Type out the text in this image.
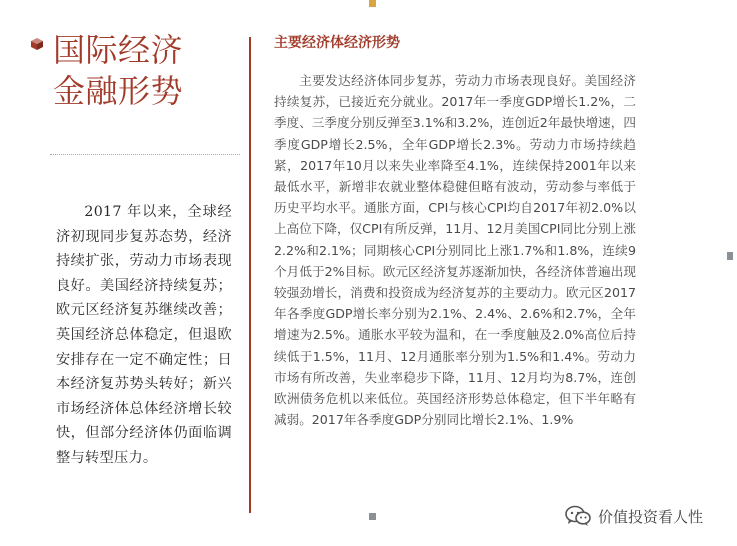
国际经济
金融形势

2017 年以来，全球经济初现同步复苏态势，经济持续扩张，劳动力市场表现良好。美国经济持续复苏；欧元区经济复苏继续改善；英国经济总体稳定，但退欧安排存在一定不确定性；日本经济复苏势头转好；新兴市场经济体总体经济增长较快，但部分经济体仍面临调整与转型压力。

主要经济体经济形势

主要发达经济体同步复苏，劳动力市场表现良好。美国经济持续复苏，已接近充分就业。2017年一季度GDP增长1.2%，二季度、三季度分别反弹至3.1%和3.2%，连创近2年最快增速，四季度GDP增长2.5%，全年GDP增长2.3%。劳动力市场持续趋紧，2017年10月以来失业率降至4.1%，连续保持2001年以来最低水平，新增非农就业整体稳健但略有波动，劳动参与率低于历史平均水平。通胀方面，CPI与核心CPI均自2017年初2.0%以上高位下降，仅CPI有所反弹，11月、12月美国CPI同比分别上涨2.2%和2.1%；同期核心CPI分别同比上涨1.7%和1.8%，连续9个月低于2%目标。欧元区经济复苏逐渐加快，各经济体普遍出现较强劲增长，消费和投资成为经济复苏的主要动力。欧元区2017年各季度GDP增长率分别为2.1%、2.4%、2.6%和2.7%，全年增速为2.5%。通胀水平较为温和，在一季度触及2.0%高位后持续低于1.5%，11月、12月通胀率分别为1.5%和1.4%。劳动力市场有所改善，失业率稳步下降，11月、12月均为8.7%，连创欧洲债务危机以来低位。英国经济形势总体稳定，但下半年略有减弱。2017年各季度GDP分别同比增长2.1%、1.9%

价值投资看人性
